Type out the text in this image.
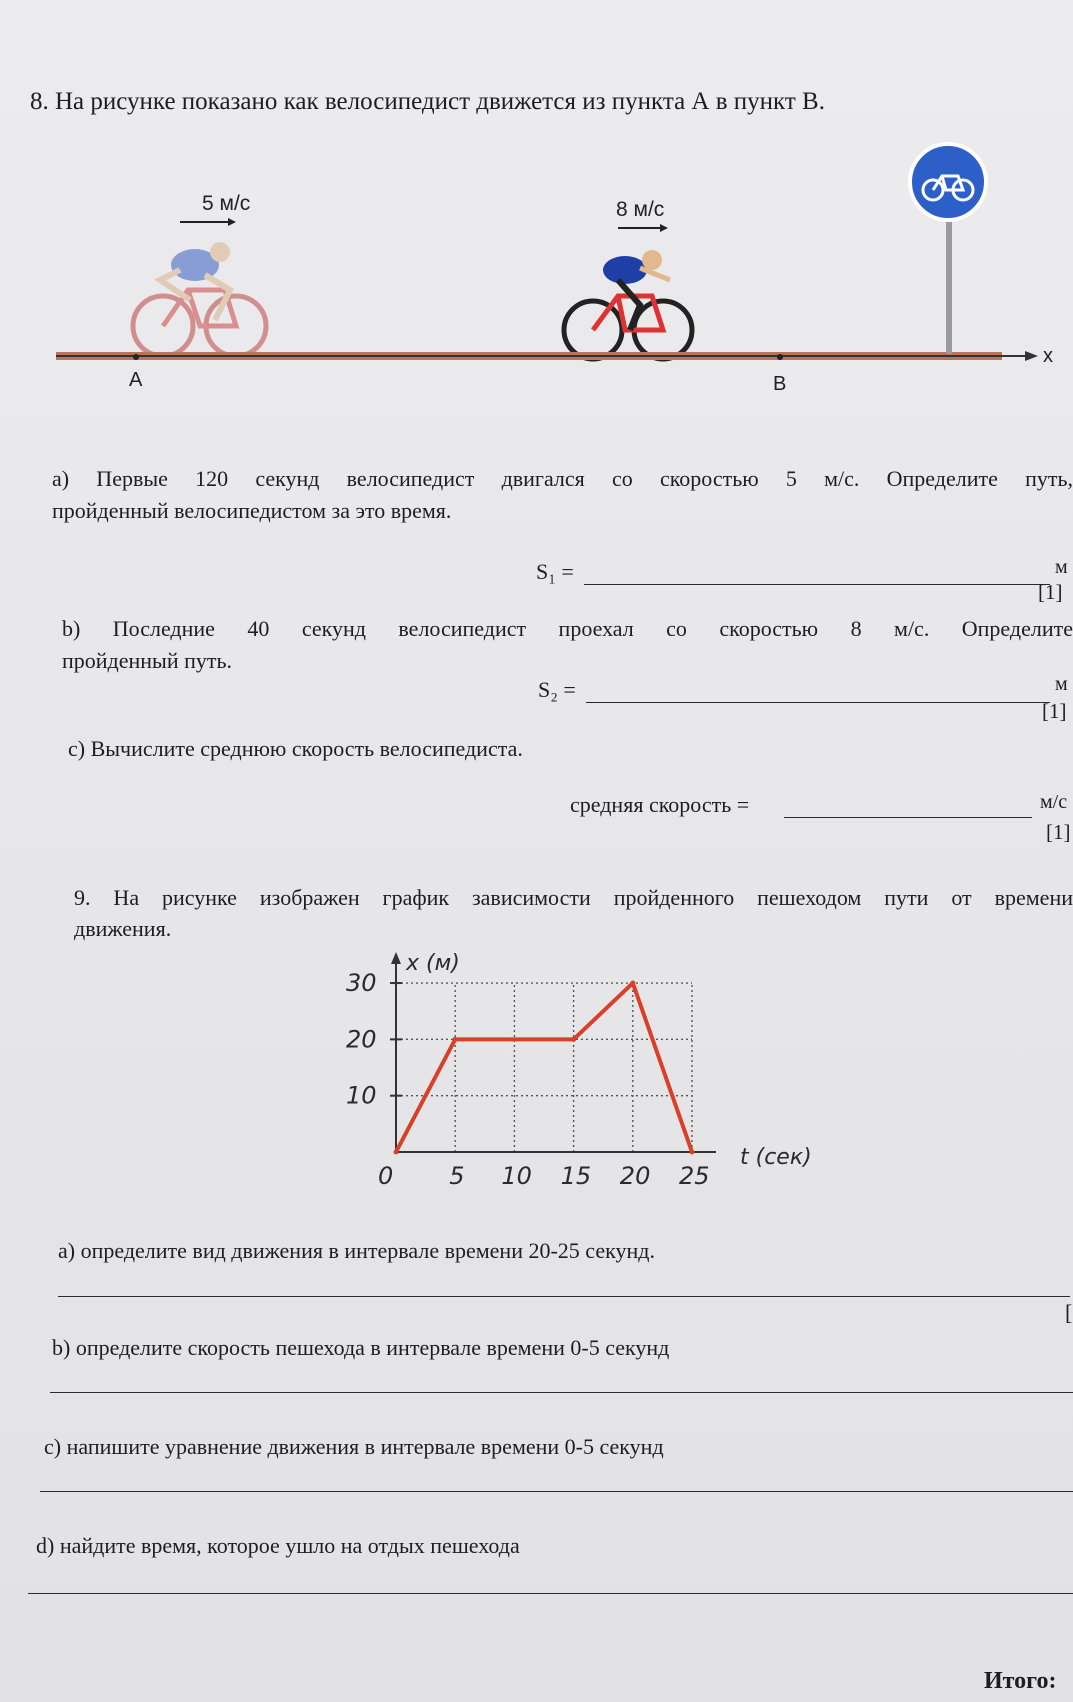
8. На рисунке показано как велосипедист движется из пункта А в пункт В.
5 м/с	8 м/с
x
A	B
a) Первые 120 секунд велосипедист двигался со скоростью 5 м/с. Определите путь,
пройденный велосипедистом за это время.
S₁ =	м
[1]
b) Последние 40 секунд велосипедист проехал со скоростью 8 м/с. Определите
пройденный путь.
S₂ =	м
[1]
c) Вычислите среднюю скорость велосипедиста.
средняя скорость =	м/с
[1]
9. На рисунке изображен график зависимости пройденного пешеходом пути от времени
движения.
0 5 10 15 20 25
10
20
30
x (м)
t (сек)
a) определите вид движения в интервале времени 20-25 секунд.
[
b) определите скорость пешехода в интервале времени 0-5 секунд
c) напишите уравнение движения в интервале времени 0-5 секунд
d) найдите время, которое ушло на отдых пешехода
Итого:
